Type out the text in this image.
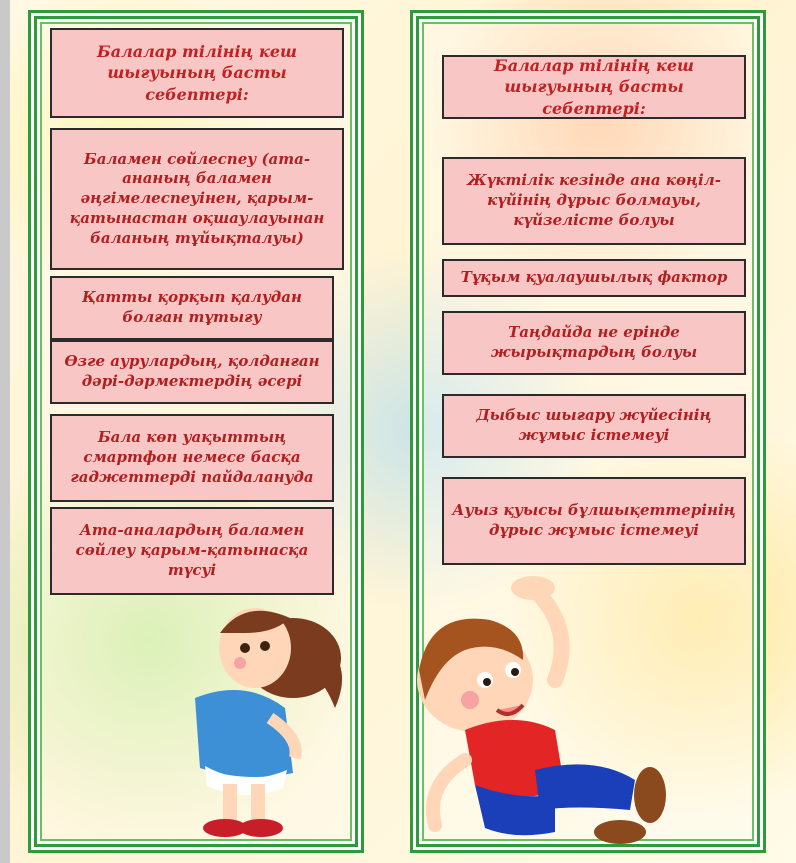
Балалар тілінің кеш шығуының басты себептері:
Баламен сөйлеспеу (ата-ананың баламен әңгімелеспеуінен, қарым-қатынастан оқшаулауынан баланың тұйықталуы)
Қатты қорқып қалудан болған тұтығу
Өзге аурулардың, қолданған дәрі-дәрмектердің әсері
Бала көп уақыттың смартфон немесе басқа гаджеттерді пайдалануда
Ата-аналардың баламен сөйлеу қарым-қатынасқа түсуі
Балалар тілінің кеш шығуының басты себептері:
Жүктілік кезінде ана көңіл-күйінің дұрыс болмауы, күйзелісте болуы
Тұқым қуалаушылық фактор
Таңдайда не ерінде жырықтардың болуы
Дыбыс шығару жүйесінің жұмыс істемеуі
Ауыз қуысы бұлшықеттерінің дұрыс жұмыс істемеуі
